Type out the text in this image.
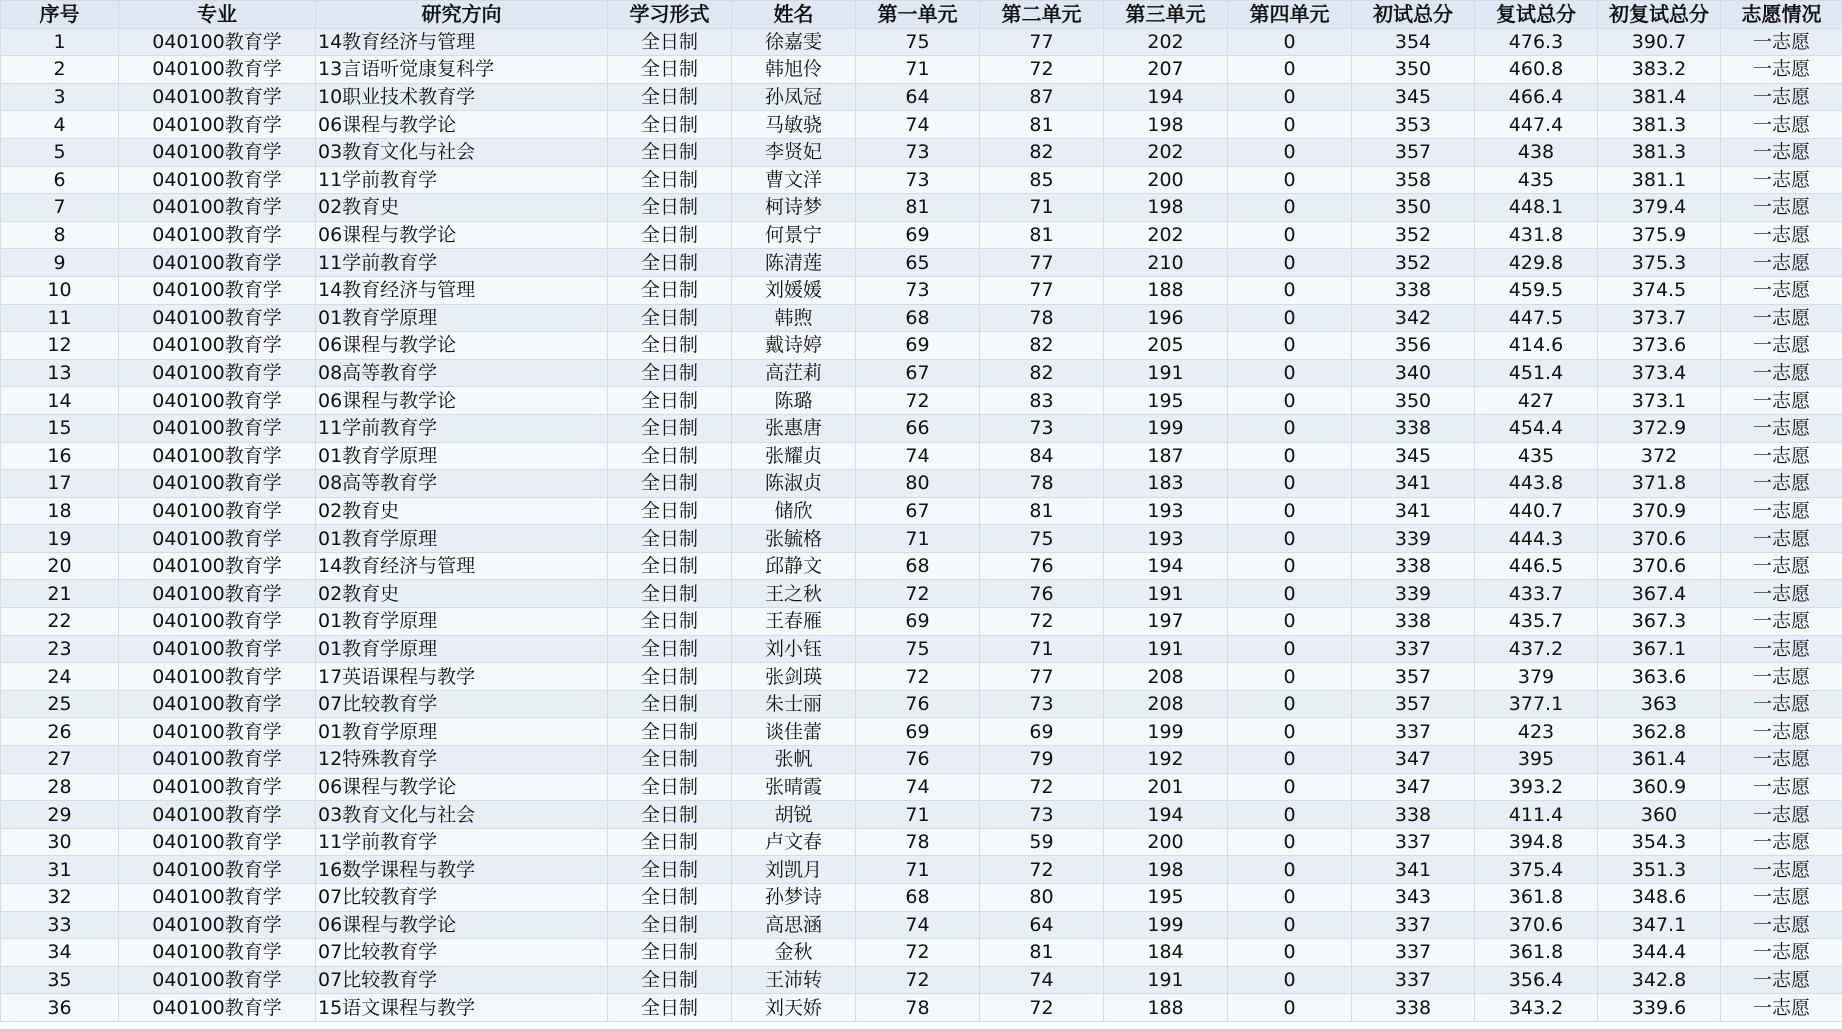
序号	专业	研究方向	学习形式	姓名	第一单元	第二单元	第三单元	第四单元	初试总分	复试总分	初复试总分	志愿情况
1	040100教育学	14教育经济与管理	全日制	徐嘉雯	75	77	202	0	354	476.3	390.7	一志愿
2	040100教育学	13言语听觉康复科学	全日制	韩旭伶	71	72	207	0	350	460.8	383.2	一志愿
3	040100教育学	10职业技术教育学	全日制	孙凤冠	64	87	194	0	345	466.4	381.4	一志愿
4	040100教育学	06课程与教学论	全日制	马敏骁	74	81	198	0	353	447.4	381.3	一志愿
5	040100教育学	03教育文化与社会	全日制	李贤妃	73	82	202	0	357	438	381.3	一志愿
6	040100教育学	11学前教育学	全日制	曹文洋	73	85	200	0	358	435	381.1	一志愿
7	040100教育学	02教育史	全日制	柯诗梦	81	71	198	0	350	448.1	379.4	一志愿
8	040100教育学	06课程与教学论	全日制	何景宁	69	81	202	0	352	431.8	375.9	一志愿
9	040100教育学	11学前教育学	全日制	陈清莲	65	77	210	0	352	429.8	375.3	一志愿
10	040100教育学	14教育经济与管理	全日制	刘媛媛	73	77	188	0	338	459.5	374.5	一志愿
11	040100教育学	01教育学原理	全日制	韩煦	68	78	196	0	342	447.5	373.7	一志愿
12	040100教育学	06课程与教学论	全日制	戴诗婷	69	82	205	0	356	414.6	373.6	一志愿
13	040100教育学	08高等教育学	全日制	高茳莉	67	82	191	0	340	451.4	373.4	一志愿
14	040100教育学	06课程与教学论	全日制	陈璐	72	83	195	0	350	427	373.1	一志愿
15	040100教育学	11学前教育学	全日制	张惠唐	66	73	199	0	338	454.4	372.9	一志愿
16	040100教育学	01教育学原理	全日制	张耀贞	74	84	187	0	345	435	372	一志愿
17	040100教育学	08高等教育学	全日制	陈淑贞	80	78	183	0	341	443.8	371.8	一志愿
18	040100教育学	02教育史	全日制	储欣	67	81	193	0	341	440.7	370.9	一志愿
19	040100教育学	01教育学原理	全日制	张毓格	71	75	193	0	339	444.3	370.6	一志愿
20	040100教育学	14教育经济与管理	全日制	邱静文	68	76	194	0	338	446.5	370.6	一志愿
21	040100教育学	02教育史	全日制	王之秋	72	76	191	0	339	433.7	367.4	一志愿
22	040100教育学	01教育学原理	全日制	王春雁	69	72	197	0	338	435.7	367.3	一志愿
23	040100教育学	01教育学原理	全日制	刘小钰	75	71	191	0	337	437.2	367.1	一志愿
24	040100教育学	17英语课程与教学	全日制	张剑瑛	72	77	208	0	357	379	363.6	一志愿
25	040100教育学	07比较教育学	全日制	朱士丽	76	73	208	0	357	377.1	363	一志愿
26	040100教育学	01教育学原理	全日制	谈佳蕾	69	69	199	0	337	423	362.8	一志愿
27	040100教育学	12特殊教育学	全日制	张帆	76	79	192	0	347	395	361.4	一志愿
28	040100教育学	06课程与教学论	全日制	张晴霞	74	72	201	0	347	393.2	360.9	一志愿
29	040100教育学	03教育文化与社会	全日制	胡锐	71	73	194	0	338	411.4	360	一志愿
30	040100教育学	11学前教育学	全日制	卢文春	78	59	200	0	337	394.8	354.3	一志愿
31	040100教育学	16数学课程与教学	全日制	刘凯月	71	72	198	0	341	375.4	351.3	一志愿
32	040100教育学	07比较教育学	全日制	孙梦诗	68	80	195	0	343	361.8	348.6	一志愿
33	040100教育学	06课程与教学论	全日制	高思涵	74	64	199	0	337	370.6	347.1	一志愿
34	040100教育学	07比较教育学	全日制	金秋	72	81	184	0	337	361.8	344.4	一志愿
35	040100教育学	07比较教育学	全日制	王沛转	72	74	191	0	337	356.4	342.8	一志愿
36	040100教育学	15语文课程与教学	全日制	刘天娇	78	72	188	0	338	343.2	339.6	一志愿
